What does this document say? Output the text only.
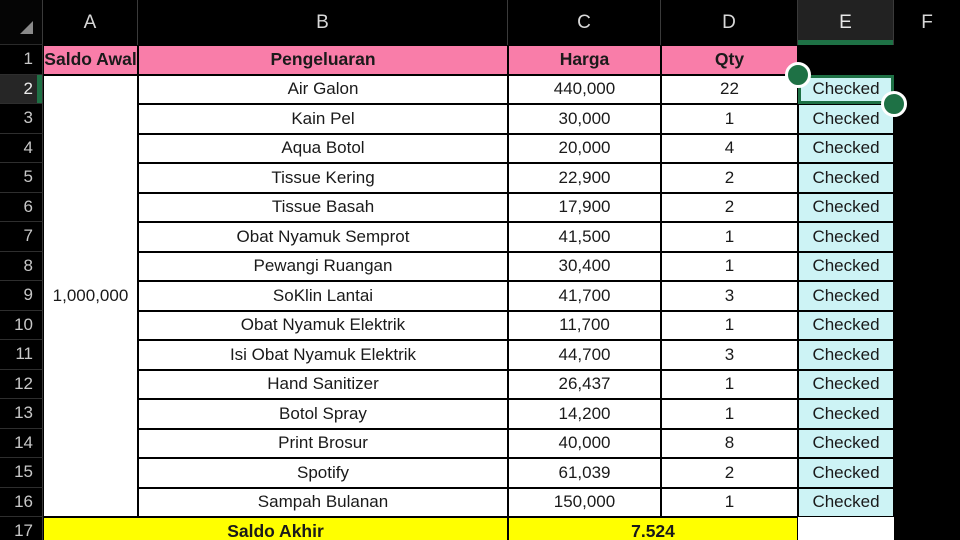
A	B	C	D	E	F
1
2
3
4
5
6
7
8
9
10
11
12
13
14
15
16
17
Saldo Awal	Pengeluaran	Harga	Qty
1,000,000
Air Galon	440,000	22	Checked
Kain Pel	30,000	1	Checked
Aqua Botol	20,000	4	Checked
Tissue Kering	22,900	2	Checked
Tissue Basah	17,900	2	Checked
Obat Nyamuk Semprot	41,500	1	Checked
Pewangi Ruangan	30,400	1	Checked
SoKlin Lantai	41,700	3	Checked
Obat Nyamuk Elektrik	11,700	1	Checked
Isi Obat Nyamuk Elektrik	44,700	3	Checked
Hand Sanitizer	26,437	1	Checked
Botol Spray	14,200	1	Checked
Print Brosur	40,000	8	Checked
Spotify	61,039	2	Checked
Sampah Bulanan	150,000	1	Checked
Saldo Akhir	7.524
